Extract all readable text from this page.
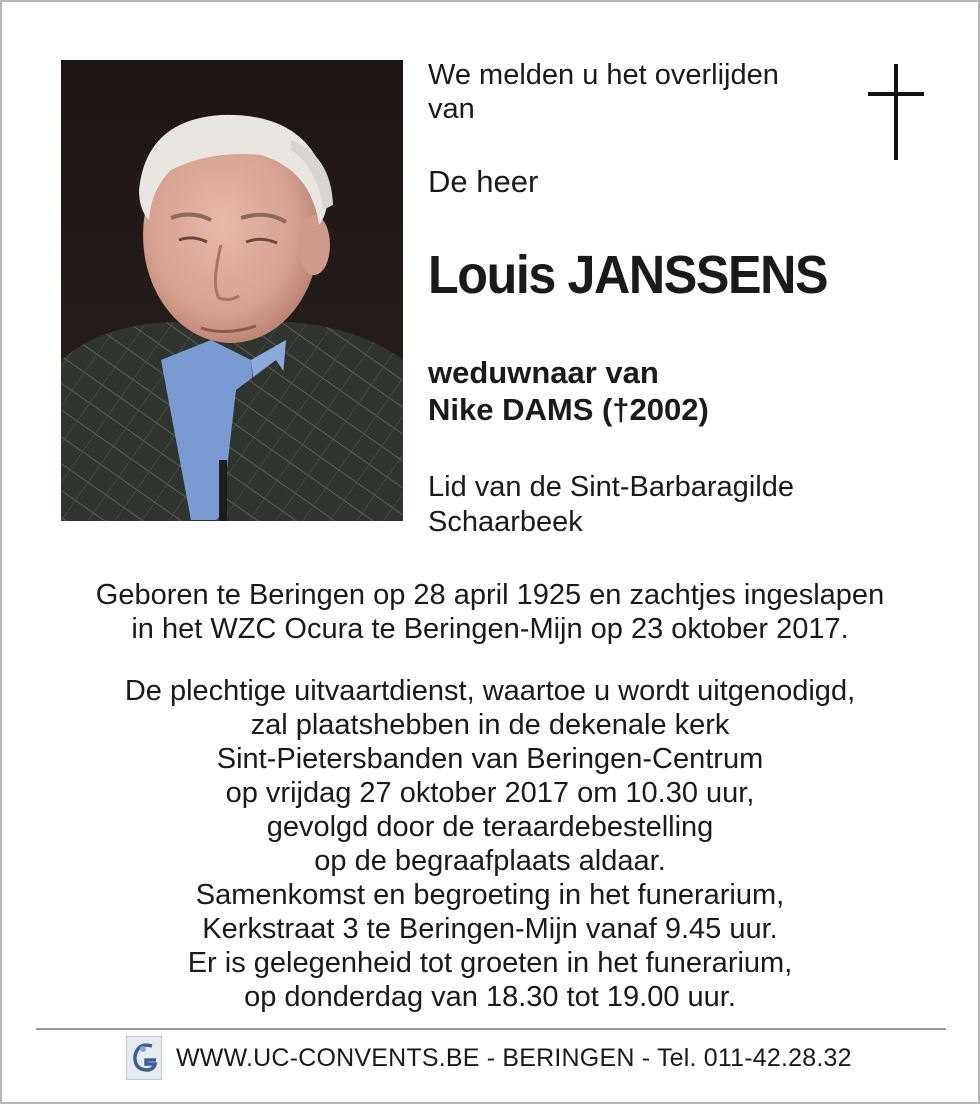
We melden u het overlijden
van
De heer
Louis JANSSENS
weduwnaar van
Nike DAMS (†2002)
Lid van de Sint-Barbaragilde
Schaarbeek
Geboren te Beringen op 28 april 1925 en zachtjes ingeslapen
in het WZC Ocura te Beringen-Mijn op 23 oktober 2017.
De plechtige uitvaartdienst, waartoe u wordt uitgenodigd,
zal plaatshebben in de dekenale kerk
Sint-Pietersbanden van Beringen-Centrum
op vrijdag 27 oktober 2017 om 10.30 uur,
gevolgd door de teraardebestelling
op de begraafplaats aldaar.
Samenkomst en begroeting in het funerarium,
Kerkstraat 3 te Beringen-Mijn vanaf 9.45 uur.
Er is gelegenheid tot groeten in het funerarium,
op donderdag van 18.30 tot 19.00 uur.
WWW.UC-CONVENTS.BE - BERINGEN - Tel. 011-42.28.32
